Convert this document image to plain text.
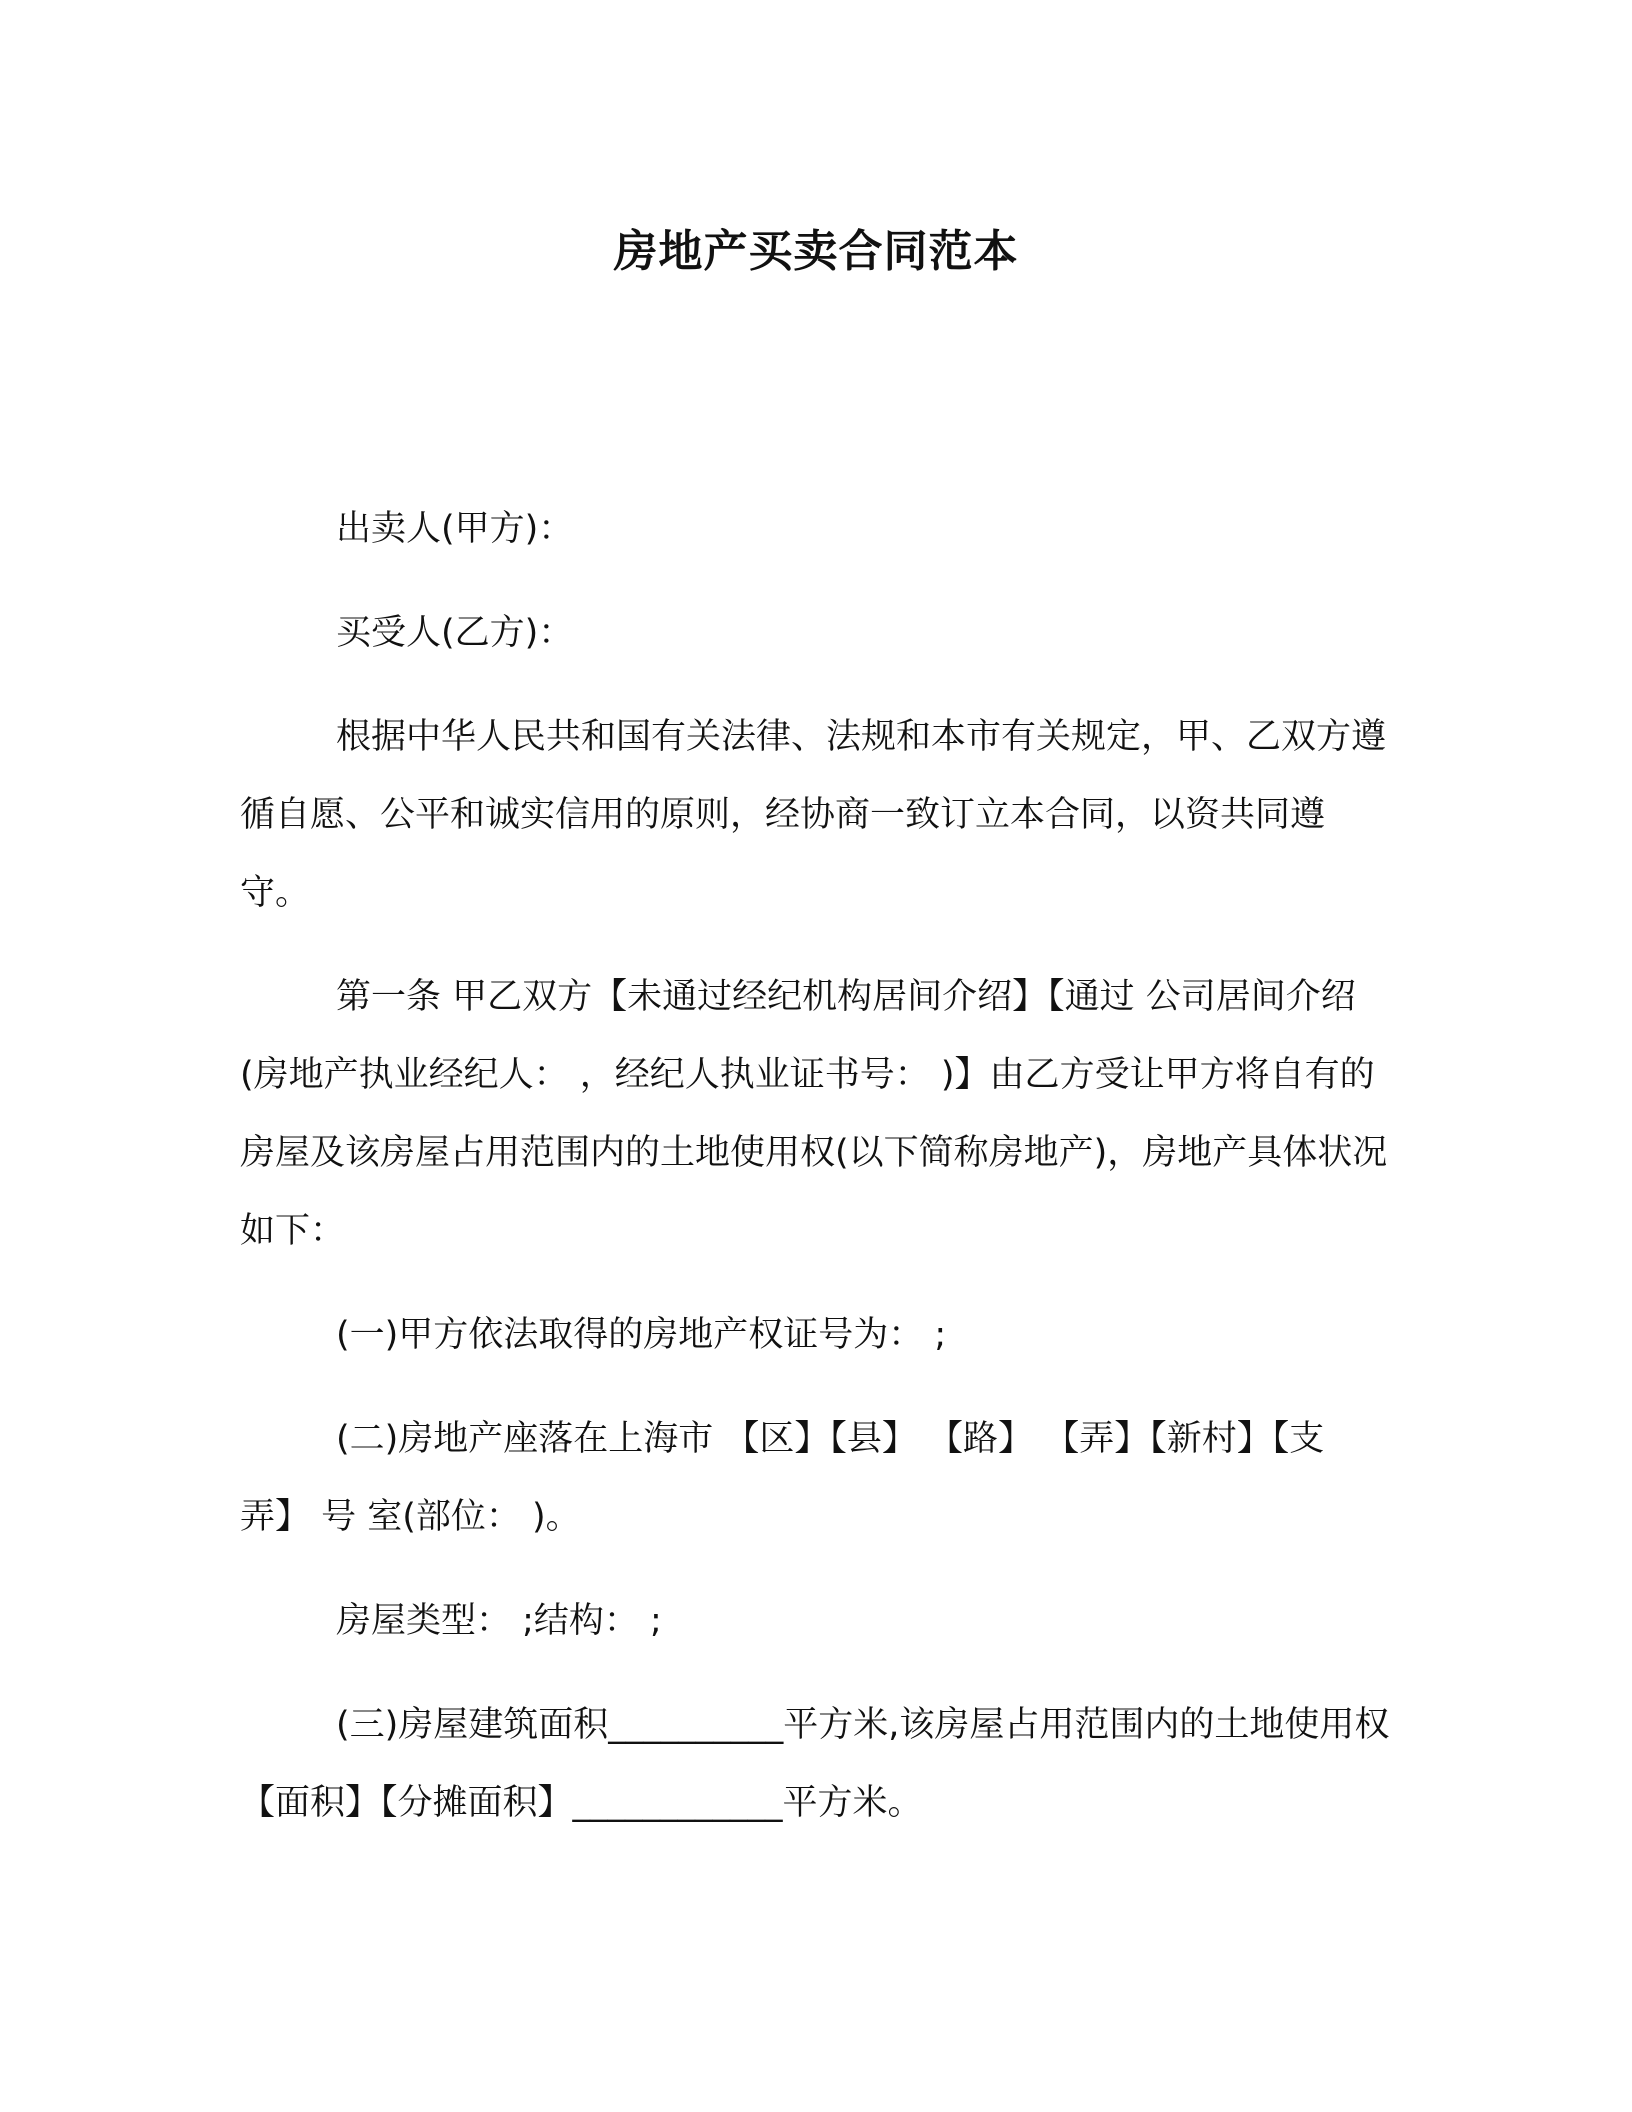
房地产买卖合同范本

出卖人(甲方)：

买受人(乙方)：

根据中华人民共和国有关法律、法规和本市有关规定，甲、乙双方遵循自愿、公平和诚实信用的原则，经协商一致订立本合同，以资共同遵守。

第一条 甲乙双方【未通过经纪机构居间介绍】【通过 公司居间介绍(房地产执业经纪人： ，经纪人执业证书号： )】由乙方受让甲方将自有的房屋及该房屋占用范围内的土地使用权(以下简称房地产)，房地产具体状况如下：

(一)甲方依法取得的房地产权证号为： ;

(二)房地产座落在上海市 【区】【县】 【路】 【弄】【新村】【支弄】 号 室(部位： )。

房屋类型： ;结构： ;

(三)房屋建筑面积__________平方米,该房屋占用范围内的土地使用权【面积】【分摊面积】____________平方米。
